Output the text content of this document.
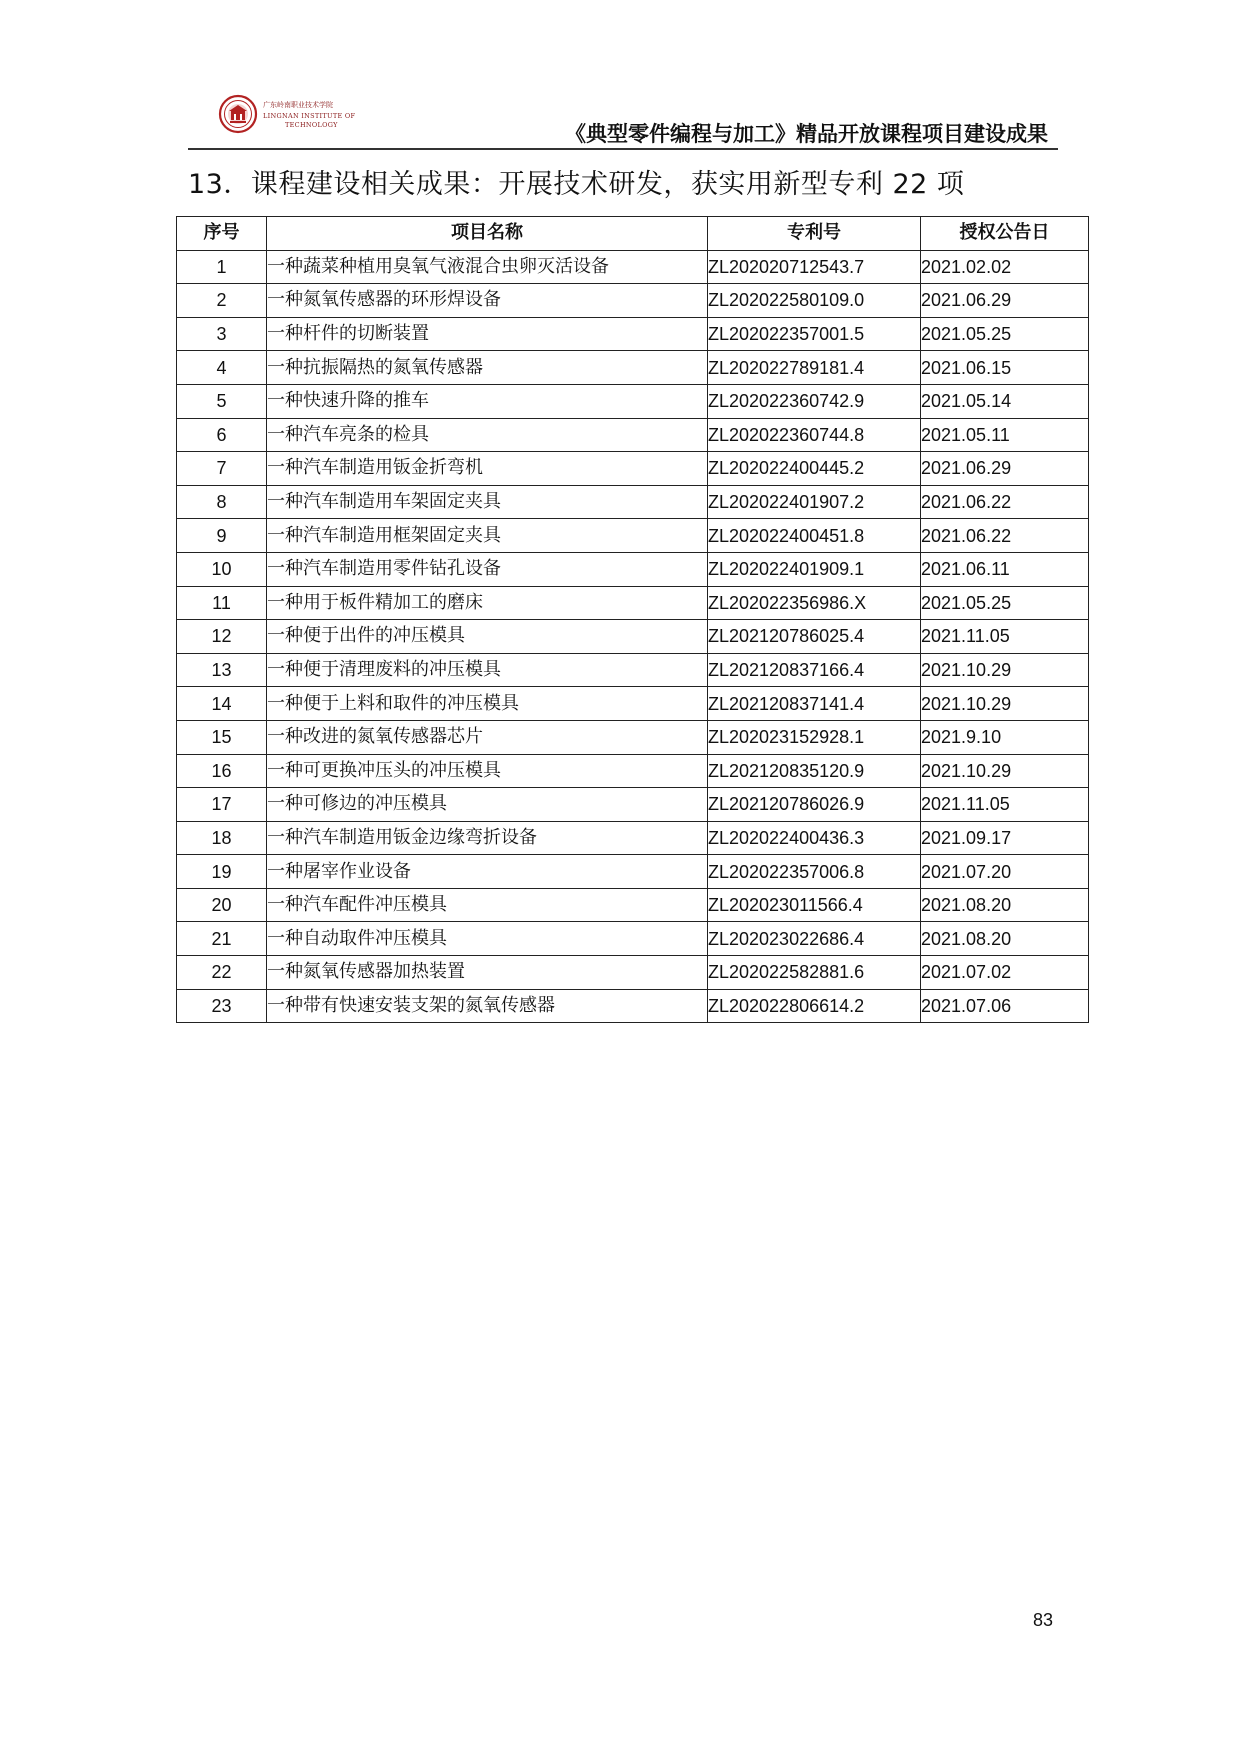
广东岭南职业技术学院
LINGNAN INSTITUTE OF
TECHNOLOGY	《典型零件编程与加工》精品开放课程项目建设成果
13．课程建设相关成果：开展技术研发，获实用新型专利 22 项
序号	项目名称	专利号	授权公告日
1	一种蔬菜种植用臭氧气液混合虫卵灭活设备	ZL202020712543.7	2021.02.02
2	一种氮氧传感器的环形焊设备	ZL202022580109.0	2021.06.29
3	一种杆件的切断装置	ZL202022357001.5	2021.05.25
4	一种抗振隔热的氮氧传感器	ZL202022789181.4	2021.06.15
5	一种快速升降的推车	ZL202022360742.9	2021.05.14
6	一种汽车亮条的检具	ZL202022360744.8	2021.05.11
7	一种汽车制造用钣金折弯机	ZL202022400445.2	2021.06.29
8	一种汽车制造用车架固定夹具	ZL202022401907.2	2021.06.22
9	一种汽车制造用框架固定夹具	ZL202022400451.8	2021.06.22
10	一种汽车制造用零件钻孔设备	ZL202022401909.1	2021.06.11
11	一种用于板件精加工的磨床	ZL202022356986.X	2021.05.25
12	一种便于出件的冲压模具	ZL202120786025.4	2021.11.05
13	一种便于清理废料的冲压模具	ZL202120837166.4	2021.10.29
14	一种便于上料和取件的冲压模具	ZL202120837141.4	2021.10.29
15	一种改进的氮氧传感器芯片	ZL202023152928.1	2021.9.10
16	一种可更换冲压头的冲压模具	ZL202120835120.9	2021.10.29
17	一种可修边的冲压模具	ZL202120786026.9	2021.11.05
18	一种汽车制造用钣金边缘弯折设备	ZL202022400436.3	2021.09.17
19	一种屠宰作业设备	ZL202022357006.8	2021.07.20
20	一种汽车配件冲压模具	ZL202023011566.4	2021.08.20
21	一种自动取件冲压模具	ZL202023022686.4	2021.08.20
22	一种氮氧传感器加热装置	ZL202022582881.6	2021.07.02
23	一种带有快速安装支架的氮氧传感器	ZL202022806614.2	2021.07.06
83
